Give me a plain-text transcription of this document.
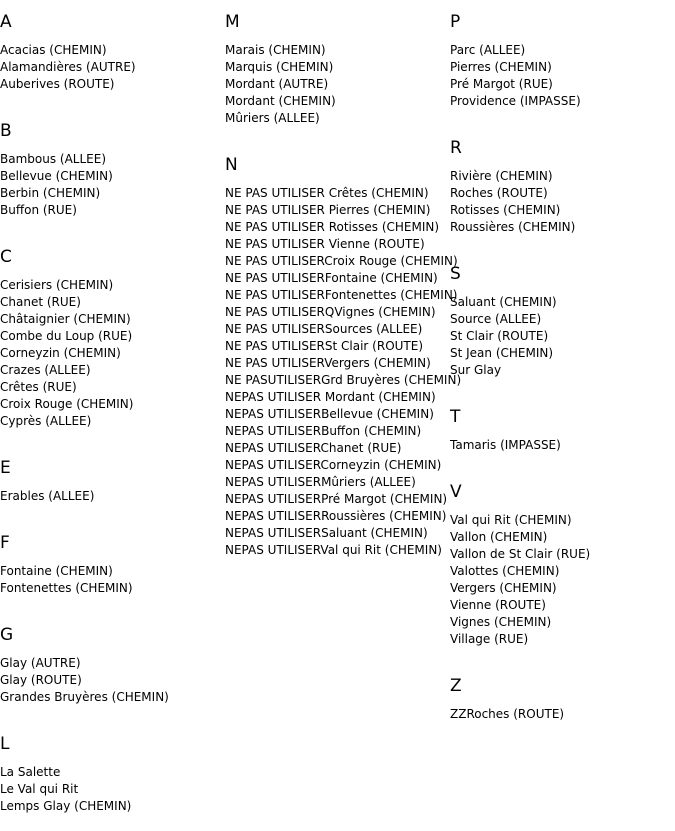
A
Acacias (CHEMIN)
Alamandières (AUTRE)
Auberives (ROUTE)
B
Bambous (ALLEE)
Bellevue (CHEMIN)
Berbin (CHEMIN)
Buffon (RUE)
C
Cerisiers (CHEMIN)
Chanet (RUE)
Châtaignier (CHEMIN)
Combe du Loup (RUE)
Corneyzin (CHEMIN)
Crazes (ALLEE)
Crêtes (RUE)
Croix Rouge (CHEMIN)
Cyprès (ALLEE)
E
Erables (ALLEE)
F
Fontaine (CHEMIN)
Fontenettes (CHEMIN)
G
Glay (AUTRE)
Glay (ROUTE)
Grandes Bruyères (CHEMIN)
L
La Salette
Le Val qui Rit
Lemps Glay (CHEMIN)
M
Marais (CHEMIN)
Marquis (CHEMIN)
Mordant (AUTRE)
Mordant (CHEMIN)
Mûriers (ALLEE)
N
NE PAS UTILISER Crêtes (CHEMIN)
NE PAS UTILISER Pierres (CHEMIN)
NE PAS UTILISER Rotisses (CHEMIN)
NE PAS UTILISER Vienne (ROUTE)
NE PAS UTILISERCroix Rouge (CHEMIN)
NE PAS UTILISERFontaine (CHEMIN)
NE PAS UTILISERFontenettes (CHEMIN)
NE PAS UTILISERQVignes (CHEMIN)
NE PAS UTILISERSources (ALLEE)
NE PAS UTILISERSt Clair (ROUTE)
NE PAS UTILISERVergers (CHEMIN)
NE PASUTILISERGrd Bruyères (CHEMIN)
NEPAS UTILISER Mordant (CHEMIN)
NEPAS UTILISERBellevue (CHEMIN)
NEPAS UTILISERBuffon (CHEMIN)
NEPAS UTILISERChanet (RUE)
NEPAS UTILISERCorneyzin (CHEMIN)
NEPAS UTILISERMûriers (ALLEE)
NEPAS UTILISERPré Margot (CHEMIN)
NEPAS UTILISERRoussières (CHEMIN)
NEPAS UTILISERSaluant (CHEMIN)
NEPAS UTILISERVal qui Rit (CHEMIN)
P
Parc (ALLEE)
Pierres (CHEMIN)
Pré Margot (RUE)
Providence (IMPASSE)
R
Rivière (CHEMIN)
Roches (ROUTE)
Rotisses (CHEMIN)
Roussières (CHEMIN)
S
Saluant (CHEMIN)
Source (ALLEE)
St Clair (ROUTE)
St Jean (CHEMIN)
Sur Glay
T
Tamaris (IMPASSE)
V
Val qui Rit (CHEMIN)
Vallon (CHEMIN)
Vallon de St Clair (RUE)
Valottes (CHEMIN)
Vergers (CHEMIN)
Vienne (ROUTE)
Vignes (CHEMIN)
Village (RUE)
Z
ZZRoches (ROUTE)
